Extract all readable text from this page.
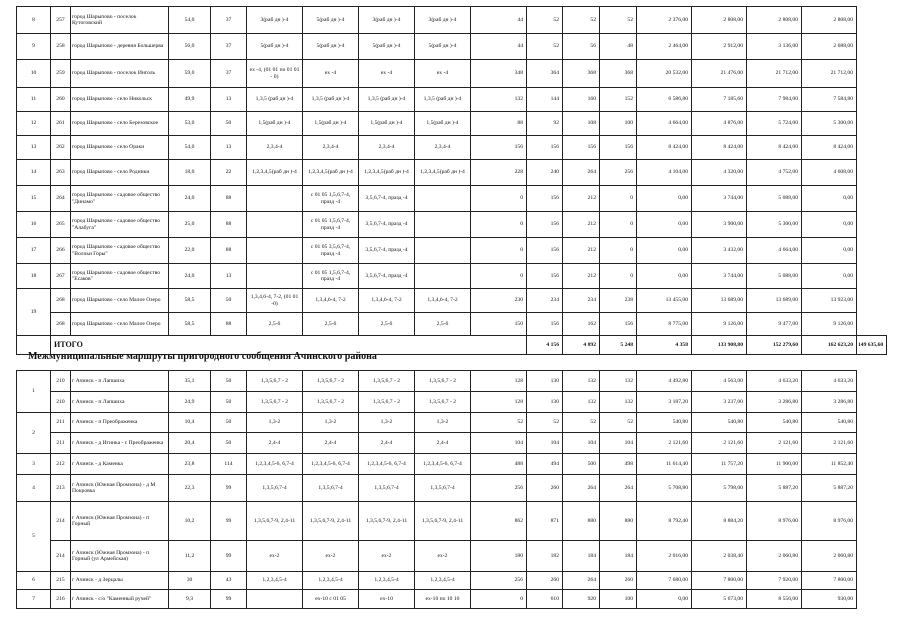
8	257	город Шарыпово - поселок Кутоговский	54,0	37	3(раб дн )-4	5(раб дн )-4	3(раб дн )-4	3(раб дн )-4	44	52	52	52	2 376,00	2 808,00	2 808,00	2 808,00	
9	258	город Шарыпово - деревня Большерва	56,0	37	5(раб дн )-4	5(раб дн )-4	5(раб дн )-4	5(раб дн )-4	44	52	56	48	2 464,00	2 912,00	3 136,00	2 688,00	
10	259	город Шарыпово - поселок Инголь	59,0	37	ex -4, (01 01 по 01 01 - 0)	ex -4	ex -4	ex -4	348	364	368	368	20 532,00	21 476,00	21 712,00	21 712,00	
11	260	город Шарыпово - село Никольск	49,9	13	1,3,5 (раб дн )-4	1,3,5 (раб дн )-4	1,3,5 (раб дн )-4	1,3,5 (раб дн )-4	132	144	160	152	6 586,80	7 185,60	7 984,00	7 584,80	
12	261	город Шарыпово - село Березовское	53,0	50	1,5(раб дн )-4	1,5(раб дн )-4	1,5(раб дн )-4	1,5(раб дн )-4	88	92	108	100	4 664,00	4 876,00	5 724,00	5 300,00	
13	262	город Шарыпово - село Ораки	54,0	13	2,3,4-4	2,3,4-4	2,3,4-4	2,3,4-4	156	156	156	156	8 424,00	8 424,00	8 424,00	8 424,00	
14	263	город Шарыпово - село Родники	18,0	22	1,2,3,4,5(раб дн )-4	1,2,3,4,5(раб дн )-4	1,2,3,4,5(раб дн )-4	1,2,3,4,5(раб дн )-4	228	240	264	256	4 104,00	4 320,00	4 752,00	4 608,00	
15	264	город Шарыпово - садовое общество "Динамо"	24,0	88		с 01 05 1,5,6,7-4, празд -4	3,5,6,7-4, празд -4		0	156	212	0	0,00	3 744,00	5 088,00	0,00	
16	265	город Шарыпово - садовое общество "Алабуга"	25,0	88		с 01 05 1,5,6,7-4, празд -4	3,5,6,7-4, празд -4		0	156	212	0	0,00	3 900,00	5 300,00	0,00	
17	266	город Шарыпово - садовое общество "Волчьи Горы"	22,0	88		с 01 05 3,5,6,7-4, празд -4	3,5,6,7-4, празд -4		0	156	212	0	0,00	3 432,00	4 664,00	0,00	
18	267	город Шарыпово - садовое общество "Есаков"	24,0	13		с 01 05 1,5,6,7-4, празд -4	3,5,6,7-4, празд -4		0	156	212	0	0,00	3 744,00	5 088,00	0,00	
19	268	город Шарыпово - село Малое Озеро	58,5	50	1,3,4,6-4, 7-2, (01 01 -0)	1,3,4,6-4, 7-2	1,3,4,6-4, 7-2	1,3,4,6-4, 7-2	230	234	234	238	13 455,00	13 689,00	13 689,00	13 923,00	
	268	город Шарыпово - село Малое Озеро	58,5	88	2,5-6	2,5-6	2,5-6	2,5-6	150	156	162	156	8 775,00	9 126,00	9 477,00	9 126,00	
	ИТОГО									4 156	4 892	5 248	4 358	133 908,80	152 279,60	162 623,20	149 635,60
Межмуниципальные маршруты пригородного сообщения Ачинского района
1	210	г Ачинск - п Лапшиха	35,1	50	1,3,5,6,7 - 2	1,3,5,6,7 - 2	1,3,5,6,7 - 2	1,3,5,6,7 - 2	128	130	132	132	4 492,80	4 563,00	4 633,20	4 633,20
	210	г Ачинск - п Лапшиха	24,9	50	1,3,5,6,7 - 2	1,3,5,6,7 - 2	1,3,5,6,7 - 2	1,3,5,6,7 - 2	128	130	132	132	3 187,20	3 237,00	3 286,80	3 286,80
2	211	г Ачинск - п Преображенка	10,4	50	1,3-2	1,3-2	1,3-2	1,3-2	52	52	52	52	540,80	540,80	540,80	540,80
	211	г Ачинск - д Игинка - с Преображенка	20,4	50	2,4-4	2,4-4	2,4-4	2,4-4	104	104	104	104	2 121,60	2 121,60	2 121,60	2 121,60
3	212	г Ачинск - д Каменка	23,8	114	1,2,3,4,5-6, 6,7-4	1,2,3,4,5-6, 6,7-4	1,2,3,4,5-6, 6,7-4	1,2,3,4,5-6, 6,7-4	488	494	500	498	11 614,40	11 757,20	11 900,00	11 852,40
4	213	г Ачинск (Южная Промзона) - д М Покровка	22,3	99	1,3,5,6,7-4	1,3,5,6,7-4	1,3,5,6,7-4	1,3,5,6,7-4	256	260	264	264	5 708,80	5 798,00	5 887,20	5 887,20
5	214	г Ачинск (Южная Промзона) - п Горный	10,2	99	1,3,5,6,7-9, 2,4-11	1,3,5,6,7-9, 2,4-11	1,3,5,6,7-9, 2,4-11	1,3,5,6,7-9, 2,4-11	862	871	880	880	8 792,40	8 884,20	8 976,00	8 976,00
	214	г Ачинск (Южная Промзона) - п Горный (ул Армейская)	11,2	99	ex-2	ex-2	ex-2	ex-2	180	182	184	184	2 016,00	2 038,40	2 060,80	2 060,80
6	215	г Ачинск - д Зерцалы	30	43	1,2,3,4,5-4	1,2,3,4,5-4	1,2,3,4,5-4	1,2,3,4,5-4	256	260	264	260	7 680,00	7 800,00	7 920,00	7 800,00
7	216	г Ачинск - с/о "Каменный ручей"	9,3	99		ex-10 с 01 05	ex-10	ex-10 по 10 10	0	610	920	100	0,00	5 673,00	8 556,00	930,00
